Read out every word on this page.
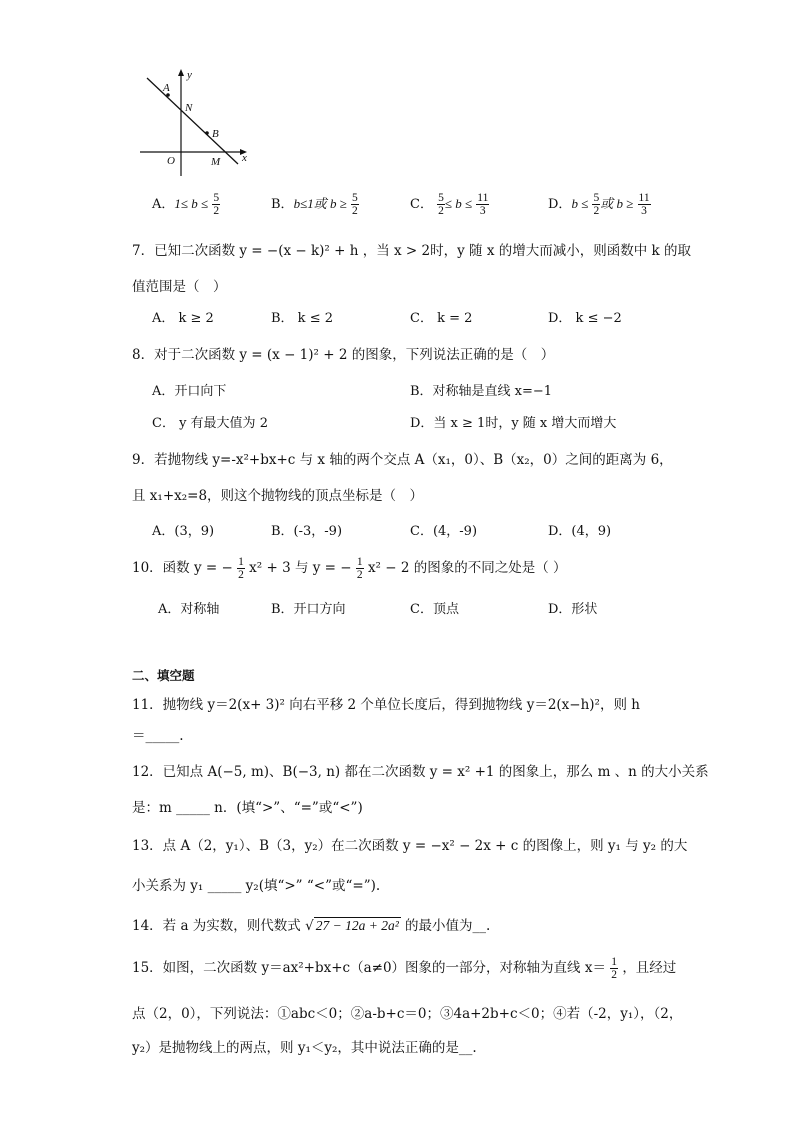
y
x
O
A
N
B
M
A．$1\le b \le \frac{5}{2}$	B．b≤1或 $b \ge \frac{5}{2}$	C． $\frac{5}{2} \le b \le \frac{11}{3}$	D．$b \le \frac{5}{2}$ 或 $b \ge \frac{11}{3}$
7．已知二次函数 y = −(x − k)² + h ，当 x > 2时，y 随 x 的增大而减小，则函数中 k 的取
值范围是（　）
A． k ≥ 2	B． k ≤ 2	C． k = 2	D． k ≤ −2
8．对于二次函数 y = (x − 1)² + 2 的图象，下列说法正确的是（　）
A．开口向下	B．对称轴是直线 x=−1
C． y 有最大值为 2	D．当 x ≥ 1时，y 随 x 增大而增大
9．若抛物线 y=-x²+bx+c 与 x 轴的两个交点 A（x₁，0）、B（x₂，0）之间的距离为 6，
且 x₁+x₂=8，则这个抛物线的顶点坐标是（　）
A．(3，9)	B．(-3，-9)	C．(4，-9)	D．(4，9)
10．函数 y = − $\frac{1}{2} x^2 + 3$ 与 y = − $\frac{1}{2} x^2 - 2$ 的图象的不同之处是（ ）
A．对称轴	B．开口方向	C．顶点	D．形状
二、填空题
11．抛物线 y＝2(x+ 3)² 向右平移 2 个单位长度后，得到抛物线 y＝2(x−h)²，则 h
＝_____.
12．已知点 A(−5, m)、B(−3, n) 都在二次函数 y = x² +1 的图象上，那么 m 、n 的大小关系
是：m _____ n．(填“>”、“=”或“<”)
13．点 A（2，y₁）、B（3，y₂）在二次函数 y = −x² − 2x + c 的图像上，则 y₁ 与 y₂ 的大
小关系为 y₁ _____ y₂(填“>” “<”或“=”).
14．若 a 为实数，则代数式 √ 27 − 12a + 2a² 的最小值为__.
15．如图，二次函数 y＝ax²+bx+c（a≠0）图象的一部分，对称轴为直线 $x= \frac{1}{2}$ ，且经过
点（2，0），下列说法：①abc＜0；②a-b+c＝0；③4a+2b+c＜0；④若（-2，y₁），（2，
y₂）是抛物线上的两点，则 y₁＜y₂，其中说法正确的是__.
